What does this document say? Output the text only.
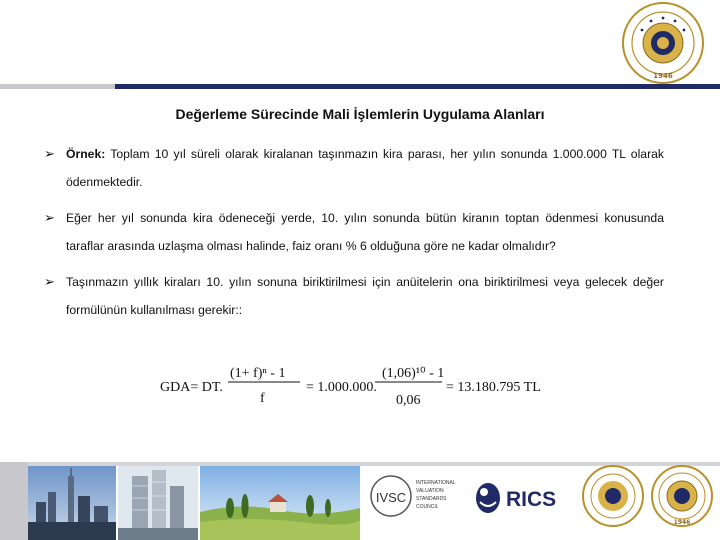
1946
Değerleme Sürecinde Mali İşlemlerin Uygulama Alanları
➢ Örnek: Toplam 10 yıl süreli olarak kiralanan taşınmazın kira parası, her yılın sonunda 1.000.000 TL olarak ödenmektedir.
➢ Eğer her yıl sonunda kira ödeneceği yerde, 10. yılın sonunda bütün kiranın toptan ödenmesi konusunda taraflar arasında uzlaşma olması halinde, faiz oranı % 6 olduğuna göre ne kadar olmalıdır?
➢ Taşınmazın yıllık kiraları 10. yılın sonuna biriktirilmesi için anüitelerin ona biriktirilmesi veya gelecek değer formülünün kullanılması gerekir::
GDA= DT.
(1+ f)ⁿ - 1
f
= 1.000.000.
(1,06)¹⁰ - 1
0,06
= 13.180.795 TL
IVSC
INTERNATIONAL
VALUATION
STANDARDS
COUNCIL	RICS
1946
